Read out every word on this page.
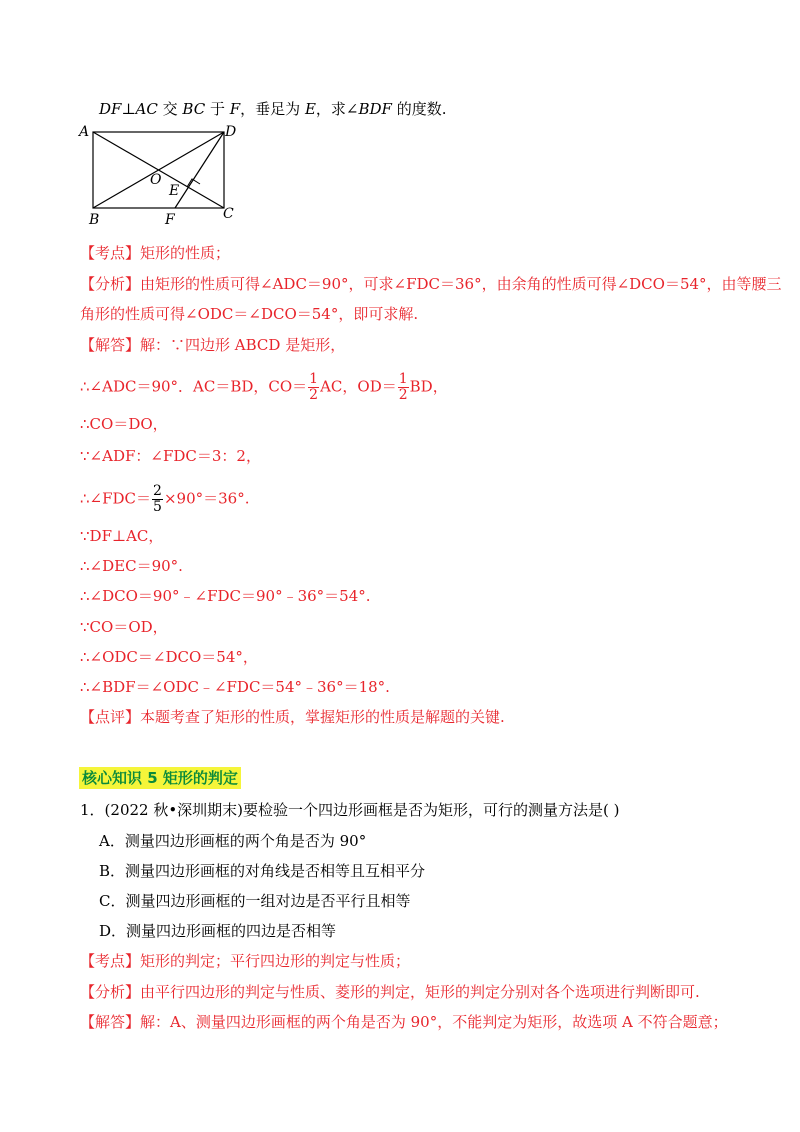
DF⊥AC 交 BC 于 F，垂足为 E，求∠BDF 的度数.
A	D
B	C
O
E
F
【考点】矩形的性质；
【分析】由矩形的性质可得∠ADC＝90°，可求∠FDC＝36°，由余角的性质可得∠DCO＝54°，由等腰三
角形的性质可得∠ODC＝∠DCO＝54°，即可求解.
【解答】解：∵四边形 ABCD 是矩形，
∴∠ADC＝90°．AC＝BD，$CO= \frac{1}{2}$ AC，$OD= \frac{1}{2}$ BD，
∴CO＝DO，
∵∠ADF：∠FDC＝3：2，
∴∠FDC＝ $\frac{2}{5} \times 90^\circ=36^\circ$.
∵DF⊥AC，
∴∠DEC＝90°.
∴∠DCO＝90°﹣∠FDC＝90°﹣36°＝54°.
∵CO＝OD，
∴∠ODC＝∠DCO＝54°，
∴∠BDF＝∠ODC﹣∠FDC＝54°﹣36°＝18°.
【点评】本题考查了矩形的性质，掌握矩形的性质是解题的关键.
核心知识 5 矩形的判定
1．(2022 秋•深圳期末)要检验一个四边形画框是否为矩形，可行的测量方法是( )
A．测量四边形画框的两个角是否为 90°
B．测量四边形画框的对角线是否相等且互相平分
C．测量四边形画框的一组对边是否平行且相等
D．测量四边形画框的四边是否相等
【考点】矩形的判定；平行四边形的判定与性质；
【分析】由平行四边形的判定与性质、菱形的判定，矩形的判定分别对各个选项进行判断即可.
【解答】解：A、测量四边形画框的两个角是否为 90°，不能判定为矩形，故选项 A 不符合题意；
